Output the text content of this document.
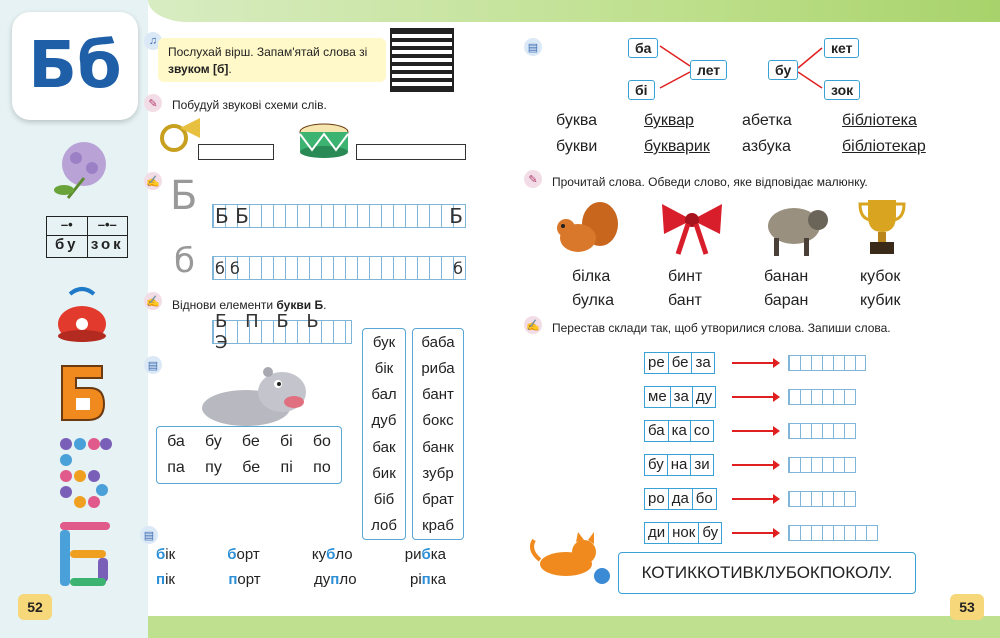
Бб
–•	–•–
бу зок
52
♫
Послухай вірш. Запам'ятай слова зі
звуком [б].
✎	Побудуй звукові схеми слів.
✍ Б Б Б	Б
б б б	б
✍ Віднови елементи букви Б.
Б П Б Ь Э
▤
ба бу бе бі бо
па пу бе пі по
бук
бік
бал
дуб
бак
бик
біб
лоб
баба
риба
бант
бокс
банк
зубр
брат
краб
▤
бік	борт	кубло	рибка
пік	порт	дупло	ріпка
▤	ба
бі
лет	бу
кет
зок
буква	буквар	абетка	бібліотека
букви	букварик	азбука	бібліотекар
✎	Прочитай слова. Обведи слово, яке відповідає малюнку.
білка	бинт	банан	кубок
булка	бант	баран	кубик
✍ Перестав склади так, щоб утворилися слова. Запиши слова.
ре бе за
ме за ду
ба ка со
бу на зи
ро да бо
ди нок бу
КОТИККОТИВКЛУБОКПОКОЛУ.
53
